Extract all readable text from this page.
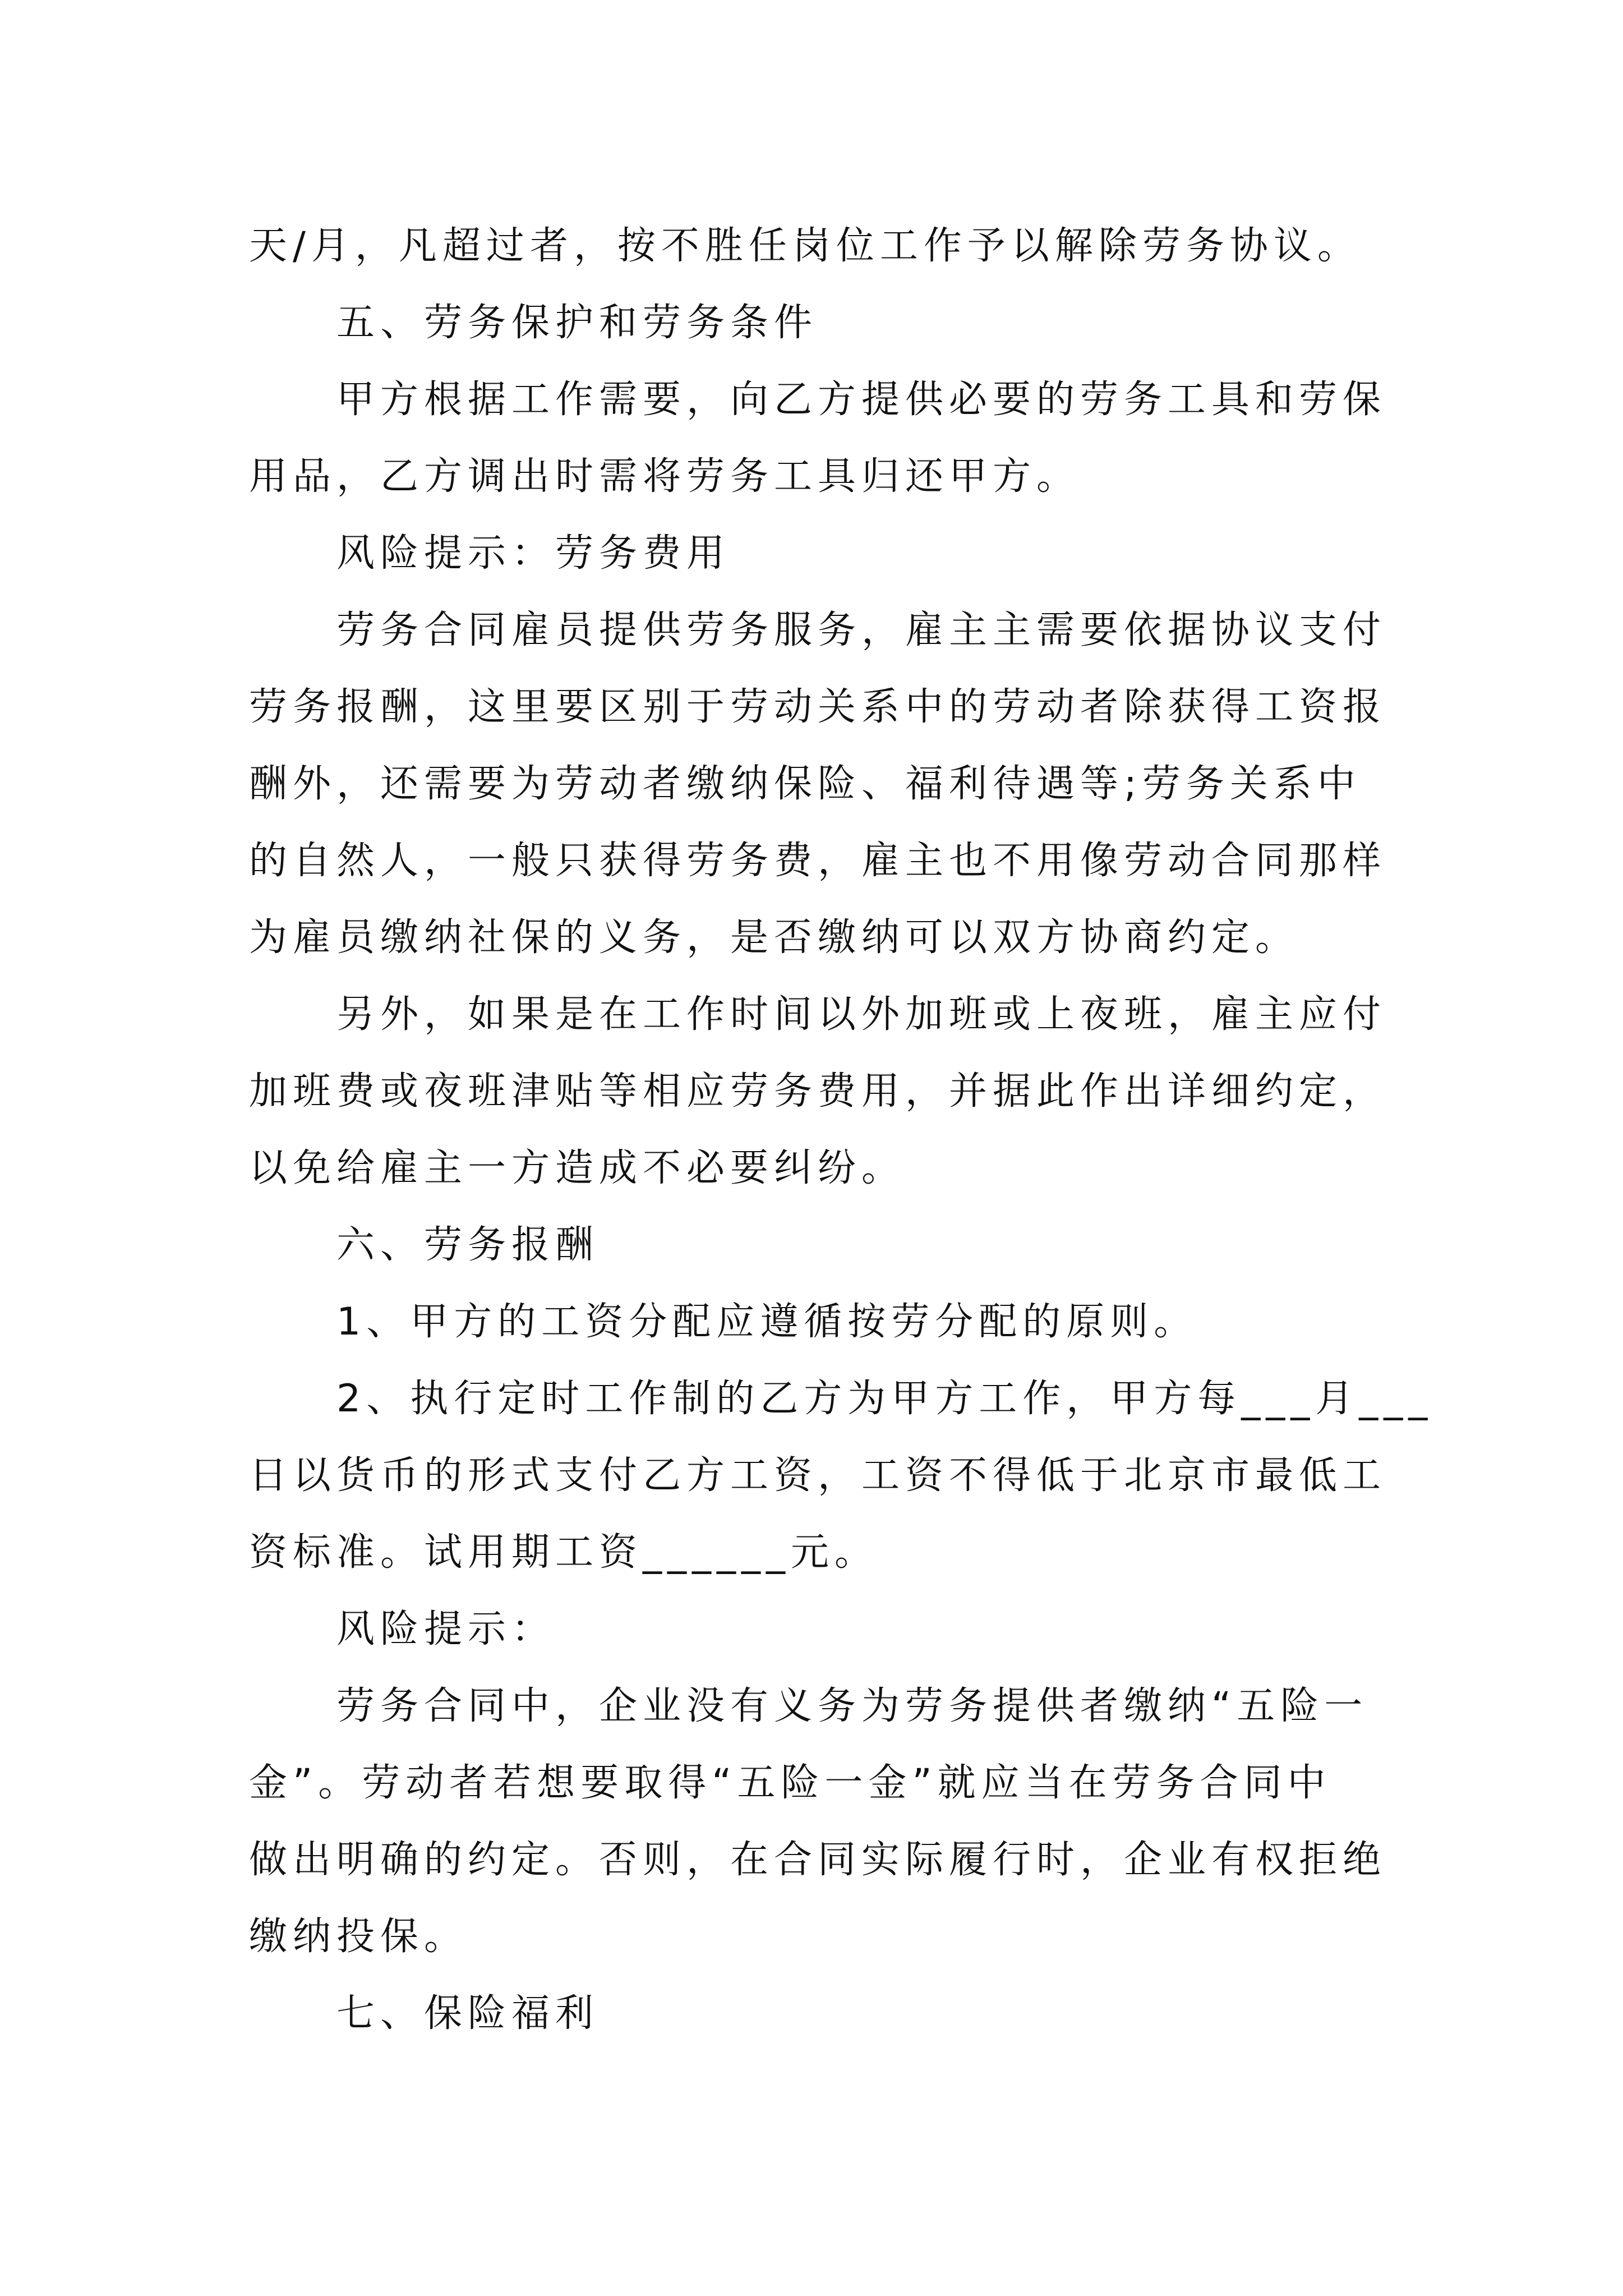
天/月，凡超过者，按不胜任岗位工作予以解除劳务协议。
五、劳务保护和劳务条件
甲方根据工作需要，向乙方提供必要的劳务工具和劳保
用品，乙方调出时需将劳务工具归还甲方。
风险提示：劳务费用
劳务合同雇员提供劳务服务，雇主主需要依据协议支付
劳务报酬，这里要区别于劳动关系中的劳动者除获得工资报
酬外，还需要为劳动者缴纳保险、福利待遇等;劳务关系中
的自然人，一般只获得劳务费，雇主也不用像劳动合同那样
为雇员缴纳社保的义务，是否缴纳可以双方协商约定。
另外，如果是在工作时间以外加班或上夜班，雇主应付
加班费或夜班津贴等相应劳务费用，并据此作出详细约定，
以免给雇主一方造成不必要纠纷。
六、劳务报酬
1、甲方的工资分配应遵循按劳分配的原则。
2、执行定时工作制的乙方为甲方工作，甲方每___月___
日以货币的形式支付乙方工资，工资不得低于北京市最低工
资标准。试用期工资______元。
风险提示：
劳务合同中，企业没有义务为劳务提供者缴纳“五险一
金”。劳动者若想要取得“五险一金”就应当在劳务合同中
做出明确的约定。否则，在合同实际履行时，企业有权拒绝
缴纳投保。
七、保险福利
